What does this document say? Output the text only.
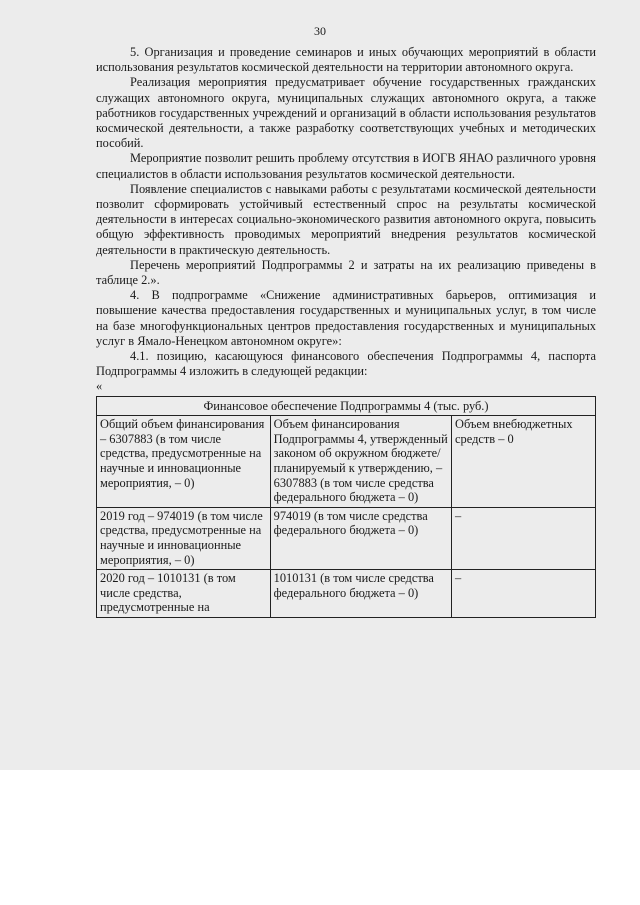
30

5. Организация и проведение семинаров и иных обучающих мероприятий в области использования результатов космической деятельности на территории автономного округа.

Реализация мероприятия предусматривает обучение государственных гражданских служащих автономного округа, муниципальных служащих автономного округа, а также работников государственных учреждений и организаций в области использования результатов космической деятельности, а также разработку соответствующих учебных и методических пособий.

Мероприятие позволит решить проблему отсутствия в ИОГВ ЯНАО различного уровня специалистов в области использования результатов космической деятельности.

Появление специалистов с навыками работы с результатами космической деятельности позволит сформировать устойчивый естественный спрос на результаты космической деятельности в интересах социально-экономического развития автономного округа, повысить общую эффективность проводимых мероприятий внедрения результатов космической деятельности в практическую деятельность.

Перечень мероприятий Подпрограммы 2 и затраты на их реализацию приведены в таблице 2.».

4. В подпрограмме «Снижение административных барьеров, оптимизация и повышение качества предоставления государственных и муниципальных услуг, в том числе на базе многофункциональных центров предоставления государственных и муниципальных услуг в Ямало-Ненецком автономном округе»:

4.1. позицию, касающуюся финансового обеспечения Подпрограммы 4, паспорта Подпрограммы 4 изложить в следующей редакции:

«

Финансовое обеспечение Подпрограммы 4 (тыс. руб.)		
Общий объем финансирования – 6307883 (в том числе средства, предусмотренные на научные и инновационные мероприятия, – 0)	Объем финансирования Подпрограммы 4, утвержденный законом об окружном бюджете/планируемый к утверждению, – 6307883 (в том числе средства федерального бюджета – 0)	Объем внебюджетных средств – 0
2019 год – 974019 (в том числе средства, предусмотренные на научные и инновационные мероприятия, – 0)	974019 (в том числе средства федерального бюджета – 0)	–
2020 год – 1010131 (в том числе средства, предусмотренные на	1010131 (в том числе средства федерального бюджета – 0)	–
